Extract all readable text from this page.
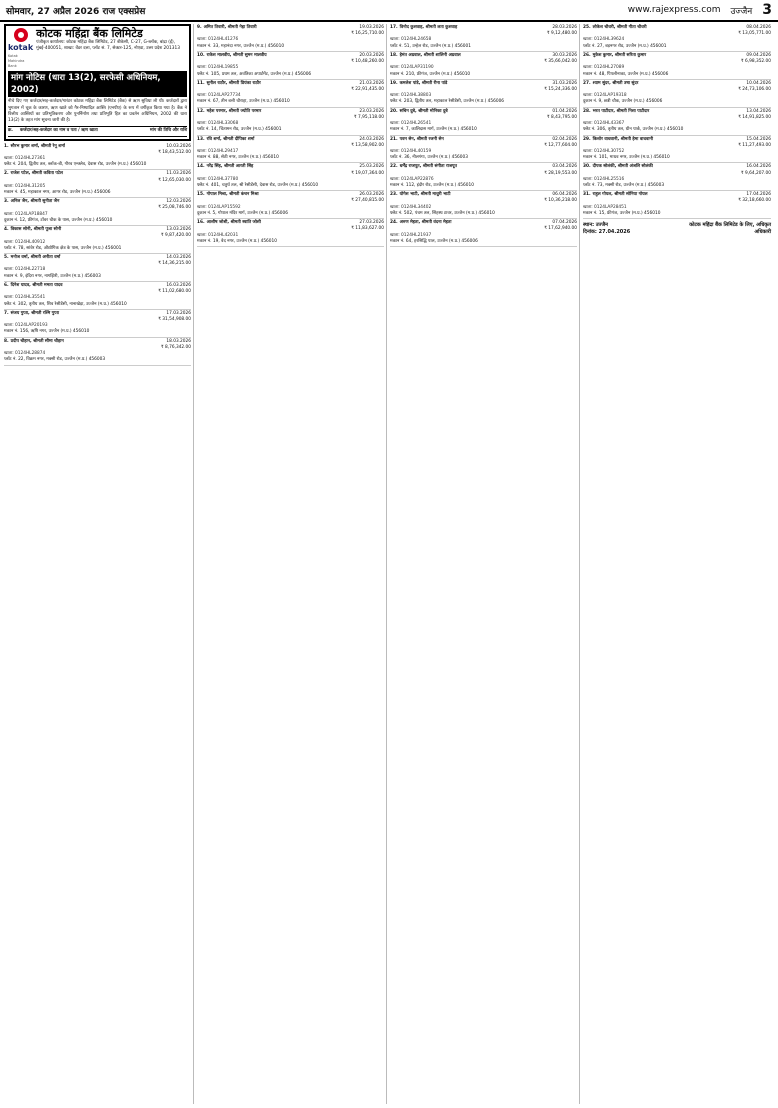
सोमवार, 27 अप्रैल 2026 राज एक्सप्रेस	www.rajexpress.com उज्जैन 3
kotak
Kotak Mahindra Bank
कोटक महिंद्रा बैंक लिमिटेड
पंजीकृत कार्यालय: कोटक महिंद्रा बैंक लिमिटेड, 27 बीकेसी, C-27, G-ब्लॉक, बांद्रा (ई), मुंबई-400051, शाखा: वेंडर दत्ता, प्लॉट सं. 7, सेक्टर-125, नोएडा, उत्तर प्रदेश 201313
मांग नोटिस (धारा 13(2), सरफेसी अधिनियम, 2002)
नीचे दिए गए कर्जदार/सह-कर्जदार/गारंटर कोटक महिंद्रा बैंक लिमिटेड (बैंक) से ऋण सुविधा ली थी। कर्जदारों द्वारा भुगतान में चूक के कारण, ऋण खाते को गैर-निष्पादित आस्ति (एनपीए) के रूप में वर्गीकृत किया गया है। बैंक ने वित्तीय आस्तियों का प्रतिभूतिकरण और पुनर्निर्माण तथा प्रतिभूति हित का प्रवर्तन अधिनियम, 2002 की धारा 13(2) के तहत मांग सूचना जारी की है।
क्र.	कर्जदार/सह-कर्जदार का नाम व पता / ऋण खाता	मांग की तिथि और राशि
1. सौरभ कुमार शर्मा, श्रीमती रेनू शर्मा	10.03.2026
₹ 18,43,512.00
खाता: 0124HL27361
फ्लैट नं. 204, द्वितीय तल, ब्लॉक-बी, गौरव एन्क्लेव, देवास रोड, उज्जैन (म.प्र.) 456010
2. राजेश पटेल, श्रीमती कविता पटेल	11.03.2026
₹ 12,65,030.00
खाता: 0124HL31205
मकान नं. 45, महाकाल नगर, आगर रोड, उज्जैन (म.प्र.) 456006
3. अनिल जैन, श्रीमती सुनीता जैन	12.03.2026
₹ 25,08,746.00
खाता: 0124LAP18847
दुकान नं. 12, फ्रीगंज, टॉवर चौक के पास, उज्जैन (म.प्र.) 456010
4. विकास सोनी, श्रीमती पूजा सोनी	13.03.2026
₹ 9,87,420.00
खाता: 0124HL40912
प्लॉट नं. 78, सांवेर रोड, औद्योगिक क्षेत्र के पास, उज्जैन (म.प्र.) 456001
5. मनोज वर्मा, श्रीमती अनीता वर्मा	14.03.2026
₹ 14,36,215.00
खाता: 0124HL22718
मकान नं. 9, इंदिरा नगर, नागझिरी, उज्जैन (म.प्र.) 456003
6. दिनेश यादव, श्रीमती ममता यादव	16.03.2026
₹ 11,02,680.00
खाता: 0124HL35541
फ्लैट नं. 302, तृतीय तल, शिव रेसीडेंसी, नानाखेड़ा, उज्जैन (म.प्र.) 456010
7. संजय गुप्ता, श्रीमती रश्मि गुप्ता	17.03.2026
₹ 31,54,908.00
खाता: 0124LAP20193
मकान नं. 156, ऋषि नगर, उज्जैन (म.प्र.) 456010
8. प्रदीप चौहान, श्रीमती सीमा चौहान	18.03.2026
₹ 8,76,342.00
खाता: 0124HL28874
प्लॉट नं. 22, विक्रम नगर, मक्सी रोड, उज्जैन (म.प्र.) 456003
9. अमित तिवारी, श्रीमती नेहा तिवारी	19.03.2026
₹ 16,25,710.00
खाता: 0124HL41276
मकान नं. 33, महानंदा नगर, उज्जैन (म.प्र.) 456010
10. राकेश मालवीय, श्रीमती सुमन मालवीय	20.03.2026
₹ 10,48,260.00
खाता: 0124HL19855
फ्लैट नं. 105, प्रथम तल, अवंतिका अपार्टमेंट, उज्जैन (म.प्र.) 456006
11. सुनील राठौर, श्रीमती प्रियंका राठौर	21.03.2026
₹ 22,91,435.00
खाता: 0124LAP27734
मकान नं. 67, तीन बत्ती चौराहा, उज्जैन (म.प्र.) 456010
12. महेश परमार, श्रीमती ज्योति परमार	23.03.2026
₹ 7,95,118.00
खाता: 0124HL33068
प्लॉट नं. 14, चिंतामन रोड, उज्जैन (म.प्र.) 456001
13. रवि शर्मा, श्रीमती दीपिका शर्मा	24.03.2026
₹ 13,58,902.00
खाता: 0124HL29417
मकान नं. 88, सेठी नगर, उज्जैन (म.प्र.) 456010
14. नरेंद्र सिंह, श्रीमती आरती सिंह	25.03.2026
₹ 19,07,364.00
खाता: 0124HL37780
फ्लैट नं. 401, चतुर्थ तल, श्री रेसीडेंसी, देवास रोड, उज्जैन (म.प्र.) 456010
15. गोपाल मिश्रा, श्रीमती कंचन मिश्रा	26.03.2026
₹ 27,40,815.00
खाता: 0124LAP15592
दुकान नं. 5, गोपाल मंदिर मार्ग, उज्जैन (म.प्र.) 456006
16. आशीष जोशी, श्रीमती स्वाति जोशी	27.03.2026
₹ 11,83,627.00
खाता: 0124HL42031
मकान नं. 19, वेद नगर, उज्जैन (म.प्र.) 456010
17. विनोद कुशवाह, श्रीमती लता कुशवाह	28.03.2026
₹ 9,12,480.00
खाता: 0124HL24658
प्लॉट नं. 51, उन्हेल रोड, उज्जैन (म.प्र.) 456001
18. हेमंत अग्रवाल, श्रीमती शालिनी अग्रवाल	30.03.2026
₹ 35,66,042.00
खाता: 0124LAP31190
मकान नं. 210, फ्रीगंज, उज्जैन (म.प्र.) 456010
19. कमलेश पांडे, श्रीमती रीना पांडे	31.03.2026
₹ 15,24,336.00
खाता: 0124HL38803
फ्लैट नं. 203, द्वितीय तल, महाकाल रेसीडेंसी, उज्जैन (म.प्र.) 456006
20. सचिन दुबे, श्रीमती मोनिका दुबे	01.04.2026
₹ 8,43,795.00
खाता: 0124HL26541
मकान नं. 7, कालिदास मार्ग, उज्जैन (म.प्र.) 456010
21. पवन सेन, श्रीमती रजनी सेन	02.04.2026
₹ 12,77,604.00
खाता: 0124HL40159
प्लॉट नं. 36, नीलगंगा, उज्जैन (म.प्र.) 456003
22. धर्मेंद्र राजपूत, श्रीमती संगीता राजपूत	03.04.2026
₹ 28,19,553.00
खाता: 0124LAP22876
मकान नं. 112, इंदौर रोड, उज्जैन (म.प्र.) 456010
23. योगेश भाटी, श्रीमती माधुरी भाटी	06.04.2026
₹ 10,36,218.00
खाता: 0124HL34402
फ्लैट नं. 502, पंचम तल, सिंहस्थ टावर, उज्जैन (म.प्र.) 456010
24. अरुण मेहता, श्रीमती वंदना मेहता	07.04.2026
₹ 17,62,940.00
खाता: 0124HL21937
मकान नं. 64, हरसिद्धि पाल, उज्जैन (म.प्र.) 456006
25. लोकेश चौधरी, श्रीमती गीता चौधरी	08.04.2026
₹ 13,05,771.00
खाता: 0124HL39624
प्लॉट नं. 27, बड़नगर रोड, उज्जैन (म.प्र.) 456001
26. मुकेश कुमार, श्रीमती सरिता कुमार	09.04.2026
₹ 6,98,352.00
खाता: 0124HL27089
मकान नं. 48, पिपलीनाका, उज्जैन (म.प्र.) 456006
27. श्याम सुंदर, श्रीमती उषा सुंदर	10.04.2026
₹ 24,73,106.00
खाता: 0124LAP19318
दुकान नं. 9, छत्री चौक, उज्जैन (म.प्र.) 456006
28. भरत पाटीदार, श्रीमती निशा पाटीदार	13.04.2026
₹ 14,91,825.00
खाता: 0124HL43367
फ्लैट नं. 306, तृतीय तल, ग्रीन पार्क, उज्जैन (म.प्र.) 456010
29. किशोर वाधवानी, श्रीमती हेमा वाधवानी	15.04.2026
₹ 11,27,493.00
खाता: 0124HL30752
मकान नं. 101, माधव नगर, उज्जैन (म.प्र.) 456010
30. दीपक सोलंकी, श्रीमती अंजलि सोलंकी	16.04.2026
₹ 9,64,207.00
खाता: 0124HL25516
प्लॉट नं. 73, मक्सी रोड, उज्जैन (म.प्र.) 456003
31. राहुल गोयल, श्रीमती सोनिया गोयल	17.04.2026
₹ 32,18,660.00
खाता: 0124LAP28451
मकान नं. 15, फ्रीगंज, उज्जैन (म.प्र.) 456010
स्थान: उज्जैन
दिनांक: 27.04.2026
कोटक महिंद्रा बैंक लिमिटेड के लिए, अधिकृत अधिकारी
